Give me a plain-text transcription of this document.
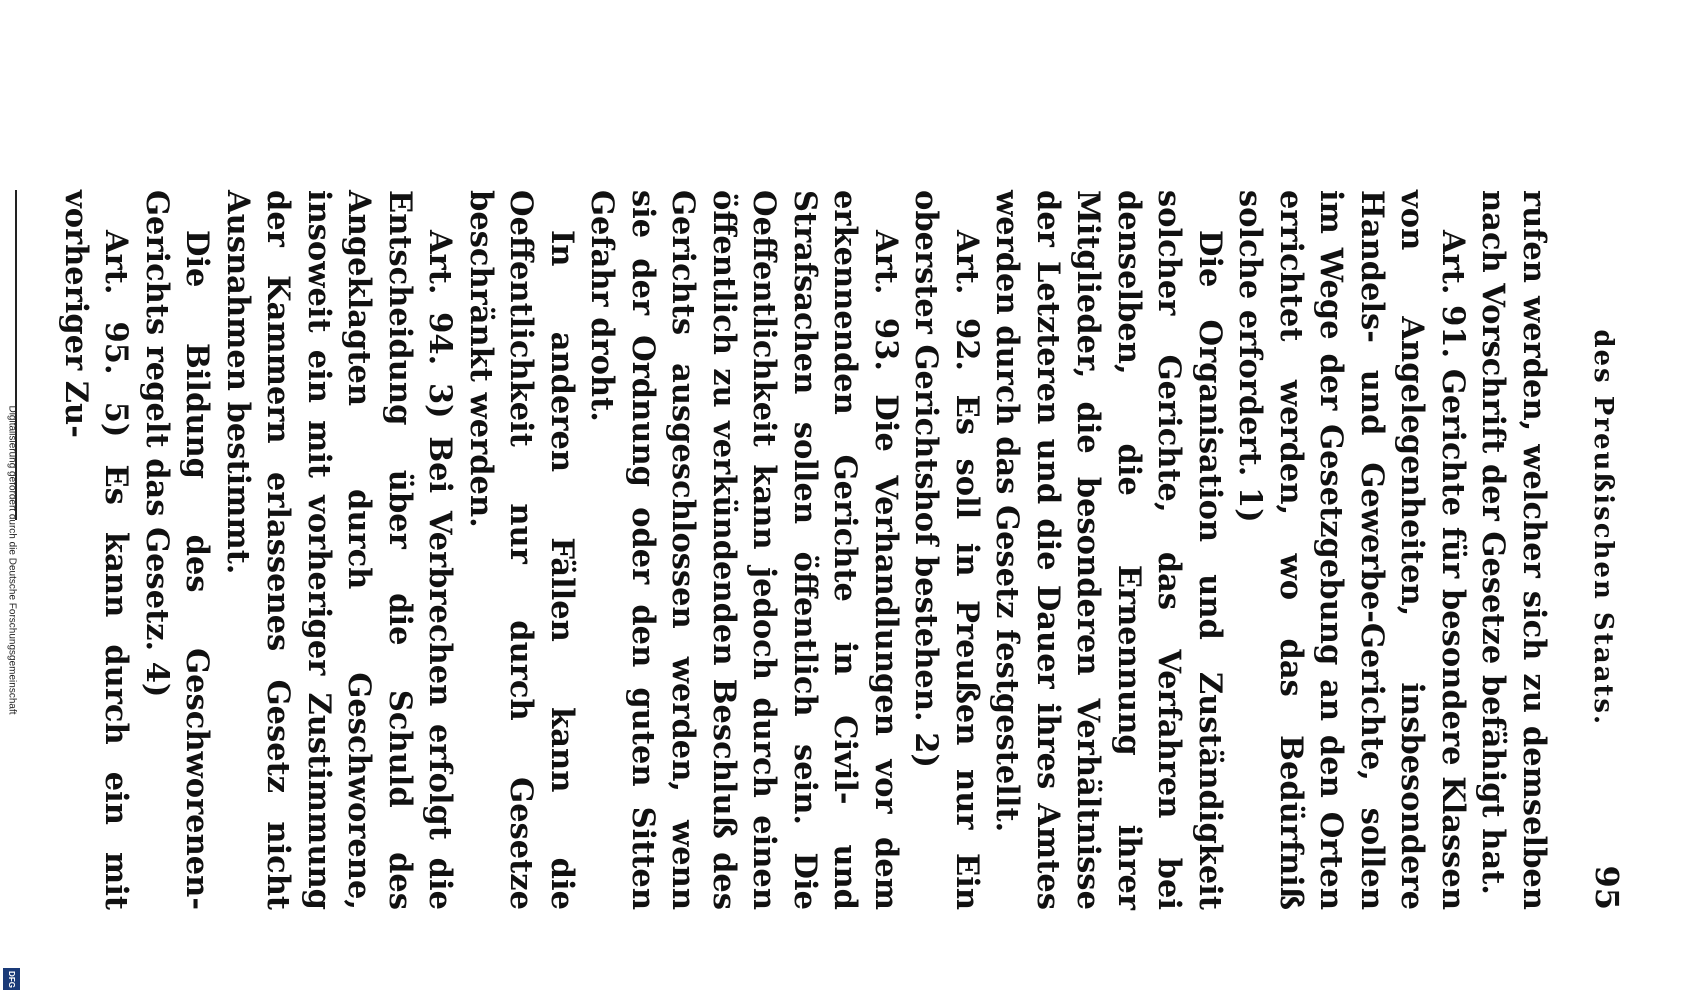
Digitalisierung gefördert durch die Deutsche Forschungsgemeinschaft
DFG
des Preußischen Staats.
95

rufen werden, welcher sich zu demselben nach Vorschrift der Gesetze befähigt hat.

Art. 91. Gerichte für besondere Klassen von Angelegenheiten, insbesondere Handels- und Gewerbe-Gerichte, sollen im Wege der Gesetzgebung an den Orten errichtet werden, wo das Bedürfniß solche erfordert. 1)

Die Organisation und Zuständigkeit solcher Gerichte, das Verfahren bei denselben, die Ernennung ihrer Mitglieder, die besonderen Verhältnisse der Letzteren und die Dauer ihres Amtes werden durch das Gesetz festgestellt.

Art. 92. Es soll in Preußen nur Ein oberster Gerichtshof bestehen. 2)

Art. 93. Die Verhandlungen vor dem erkennenden Gerichte in Civil- und Strafsachen sollen öffentlich sein. Die Oeffentlichkeit kann jedoch durch einen öffentlich zu verkündenden Beschluß des Gerichts ausgeschlossen werden, wenn sie der Ordnung oder den guten Sitten Gefahr droht.

In anderen Fällen kann die Oeffentlichkeit nur durch Gesetze beschränkt werden.

Art. 94. 3) Bei Verbrechen erfolgt die Entscheidung über die Schuld des Angeklagten durch Geschworene, insoweit ein mit vorheriger Zustimmung der Kammern erlassenes Gesetz nicht Ausnahmen bestimmt.

Die Bildung des Geschworenen-Gerichts regelt das Gesetz. 4)

Art. 95. 5) Es kann durch ein mit vorheriger Zu-
